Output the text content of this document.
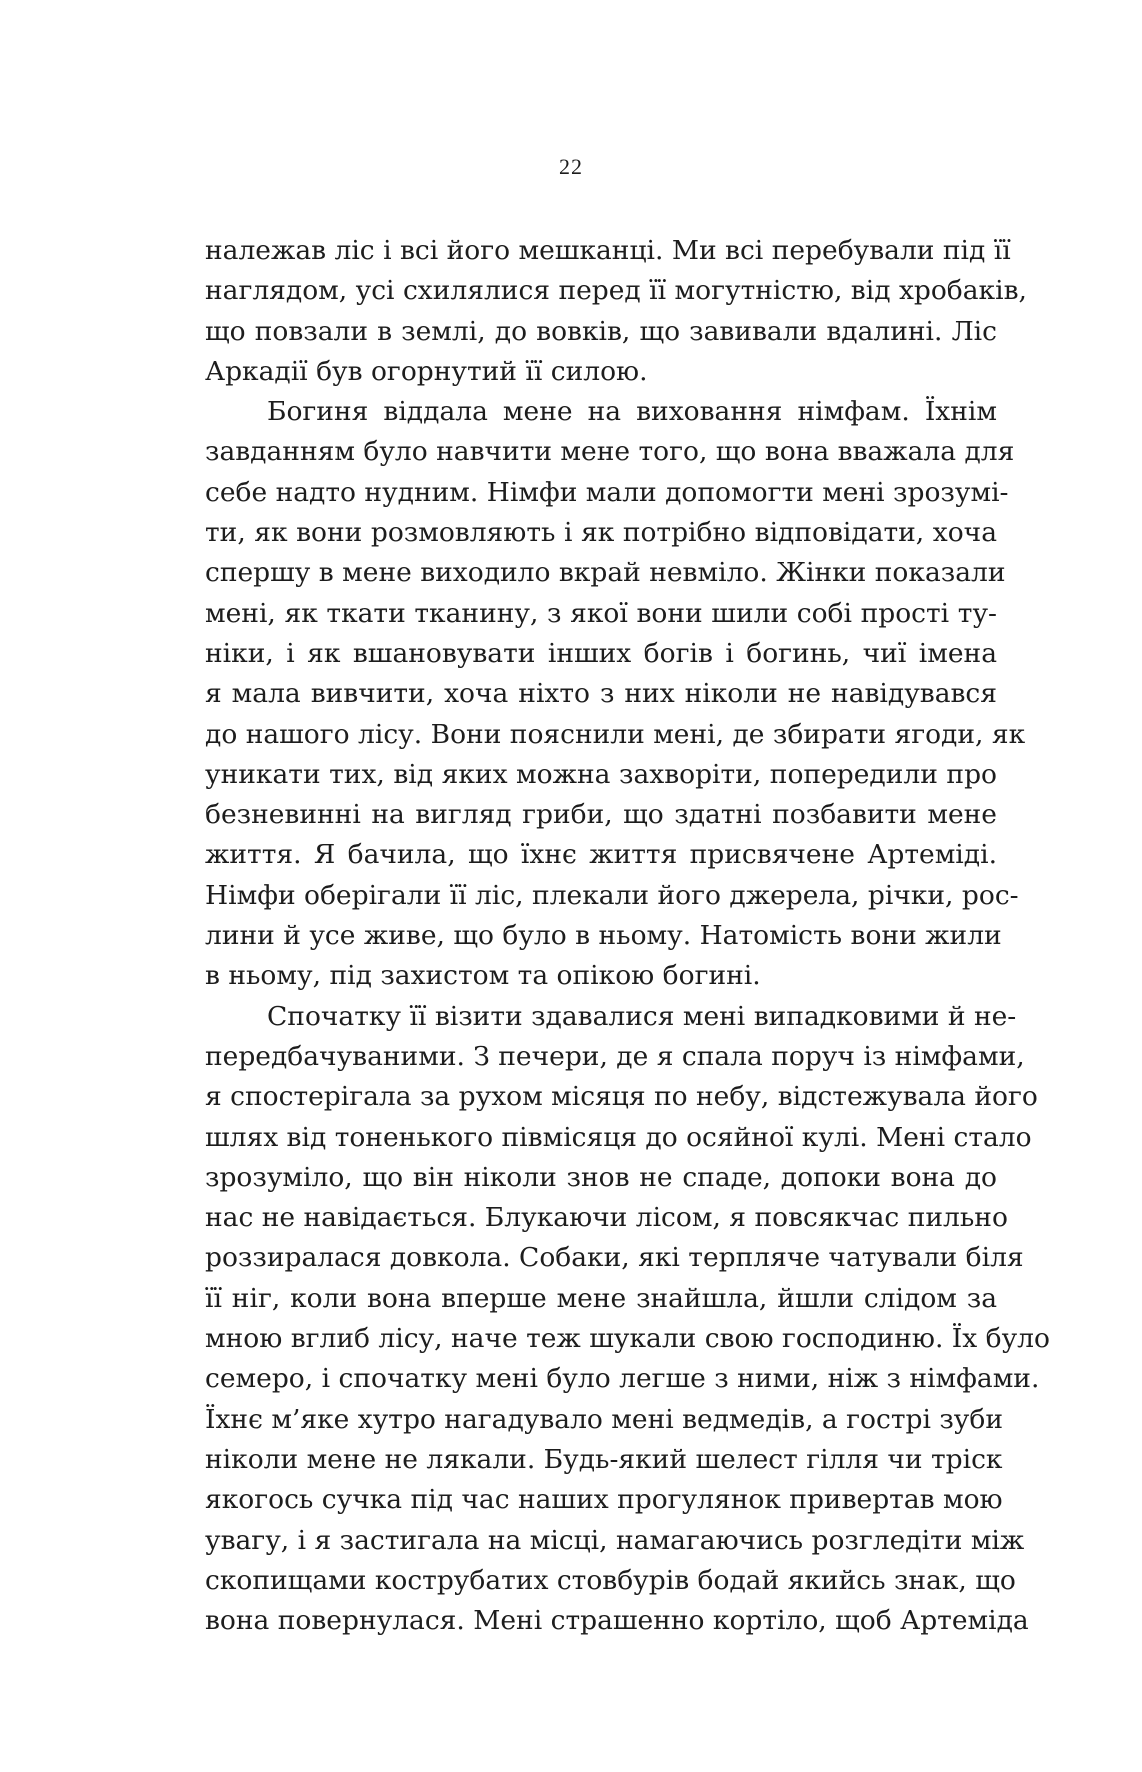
22
належав ліс і всі його мешканці. Ми всі перебували під її
наглядом, усі схилялися перед її могутністю, від хробаків,
що повзали в землі, до вовків, що завивали вдалині. Ліс
Аркадії був огорнутий її силою.
Богиня віддала мене на виховання німфам. Їхнім
завданням було навчити мене того, що вона вважала для
себе надто нудним. Німфи мали допомогти мені зрозумі-
ти, як вони розмовляють і як потрібно відповідати, хоча
спершу в мене виходило вкрай невміло. Жінки показали
мені, як ткати тканину, з якої вони шили собі прості ту-
ніки, і як вшановувати інших богів і богинь, чиї імена
я мала вивчити, хоча ніхто з них ніколи не навідувався
до нашого лісу. Вони пояснили мені, де збирати ягоди, як
уникати тих, від яких можна захворіти, попередили про
безневинні на вигляд гриби, що здатні позбавити мене
життя. Я бачила, що їхнє життя присвячене Артеміді.
Німфи оберігали її ліс, плекали його джерела, річки, рос-
лини й усе живе, що було в ньому. Натомість вони жили
в ньому, під захистом та опікою богині.
Спочатку її візити здавалися мені випадковими й не-
передбачуваними. З печери, де я спала поруч із німфами,
я спостерігала за рухом місяця по небу, відстежувала його
шлях від тоненького півмісяця до осяйної кулі. Мені стало
зрозуміло, що він ніколи знов не спаде, допоки вона до
нас не навідається. Блукаючи лісом, я повсякчас пильно
роззиралася довкола. Собаки, які терпляче чатували біля
її ніг, коли вона вперше мене знайшла, йшли слідом за
мною вглиб лісу, наче теж шукали свою господиню. Їх було
семеро, і спочатку мені було легше з ними, ніж з німфами.
Їхнє м’яке хутро нагадувало мені ведмедів, а гострі зуби
ніколи мене не лякали. Будь-який шелест гілля чи тріск
якогось сучка під час наших прогулянок привертав мою
увагу, і я застигала на місці, намагаючись розгледіти між
скопищами кострубатих стовбурів бодай якийсь знак, що
вона повернулася. Мені страшенно кортіло, щоб Артеміда
